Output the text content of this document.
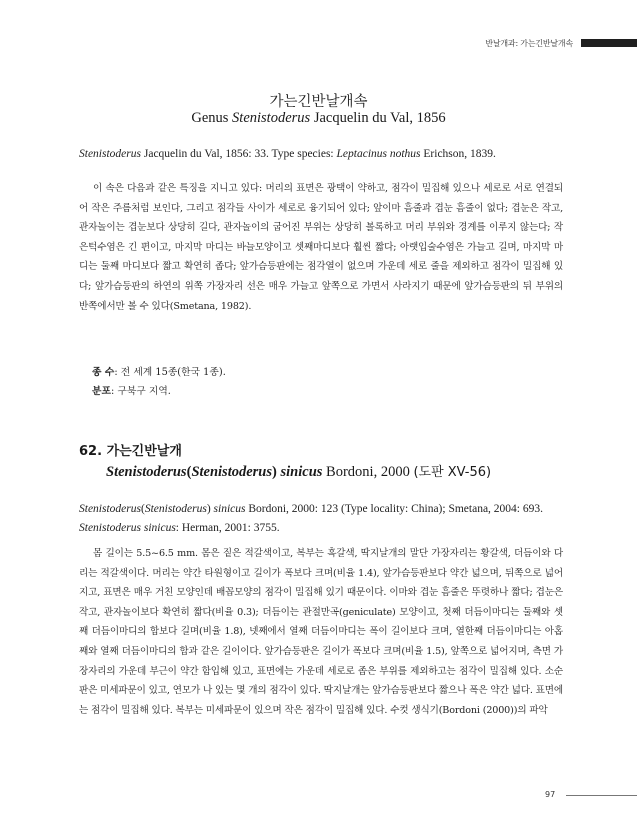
반날개과: 가는긴반날개속
가는긴반날개속
Genus Stenistoderus Jacquelin du Val, 1856
Stenistoderus Jacquelin du Val, 1856: 33. Type species: Leptacinus nothus Erichson, 1839.
이 속은 다음과 같은 특징을 지니고 있다: 머리의 표면은 광택이 약하고, 점각이 밀집해 있으나 세로로 서로 연결되어 작은 주름처럼 보인다, 그리고 점각들 사이가 세로로 융기되어 있다; 앞이마 흠줄과 겹눈 흠줄이 없다; 겹눈은 작고, 관자놀이는 겹눈보다 상당히 길다, 관자놀이의 굽어진 부위는 상당히 볼록하고 머리 부위와 경계를 이루지 않는다; 작은턱수염은 긴 편이고, 마지막 마디는 바늘모양이고 셋째마디보다 훨씬 짧다; 아랫입술수염은 가늘고 길며, 마지막 마디는 둘째 마디보다 짧고 확연히 좁다; 앞가슴등판에는 점각열이 없으며 가운데 세로 줄을 제외하고 점각이 밀집해 있다; 앞가슴등판의 하연의 위쪽 가장자리 선은 매우 가늘고 앞쪽으로 가면서 사라지기 때문에 앞가슴등판의 뒤 부위의 반쪽에서만 볼 수 있다(Smetana, 1982).
종 수: 전 세계 15종(한국 1종).
분포: 구북구 지역.
62. 가는긴반날개
Stenistoderus(Stenistoderus) sinicus Bordoni, 2000 (도판 XV-56)
Stenistoderus(Stenistoderus) sinicus Bordoni, 2000: 123 (Type locality: China); Smetana, 2004: 693.
Stenistoderus sinicus: Herman, 2001: 3755.
몸 길이는 5.5~6.5 mm. 몸은 짙은 적갈색이고, 복부는 흑갈색, 딱지날개의 말단 가장자리는 황갈색, 더듬이와 다리는 적갈색이다. 머리는 약간 타원형이고 길이가 폭보다 크며(비율 1.4), 앞가슴등판보다 약간 넓으며, 뒤쪽으로 넓어지고, 표면은 매우 거친 모양인데 배꼽모양의 점각이 밀집해 있기 때문이다. 이마와 겹눈 흠줄은 뚜렷하나 짧다; 겹눈은 작고, 관자놀이보다 확연히 짧다(비율 0.3); 더듬이는 관절만곡(geniculate) 모양이고, 첫째 더듬이마디는 둘째와 셋째 더듬이마디의 합보다 길며(비율 1.8), 넷째에서 열째 더듬이마디는 폭이 길이보다 크며, 열한째 더듬이마디는 아홉째와 열째 더듬이마디의 합과 같은 길이이다. 앞가슴등판은 길이가 폭보다 크며(비율 1.5), 앞쪽으로 넓어지며, 측면 가장자리의 가운데 부근이 약간 함입해 있고, 표면에는 가운데 세로로 좁은 부위를 제외하고는 점각이 밀집해 있다. 소순판은 미세파문이 있고, 연모가 나 있는 몇 개의 점각이 있다. 딱지날개는 앞가슴등판보다 짧으나 폭은 약간 넓다. 표면에는 점각이 밀집해 있다. 복부는 미세파문이 있으며 작은 점각이 밀집해 있다. 수컷 생식기(Bordoni (2000))의 파악
97
